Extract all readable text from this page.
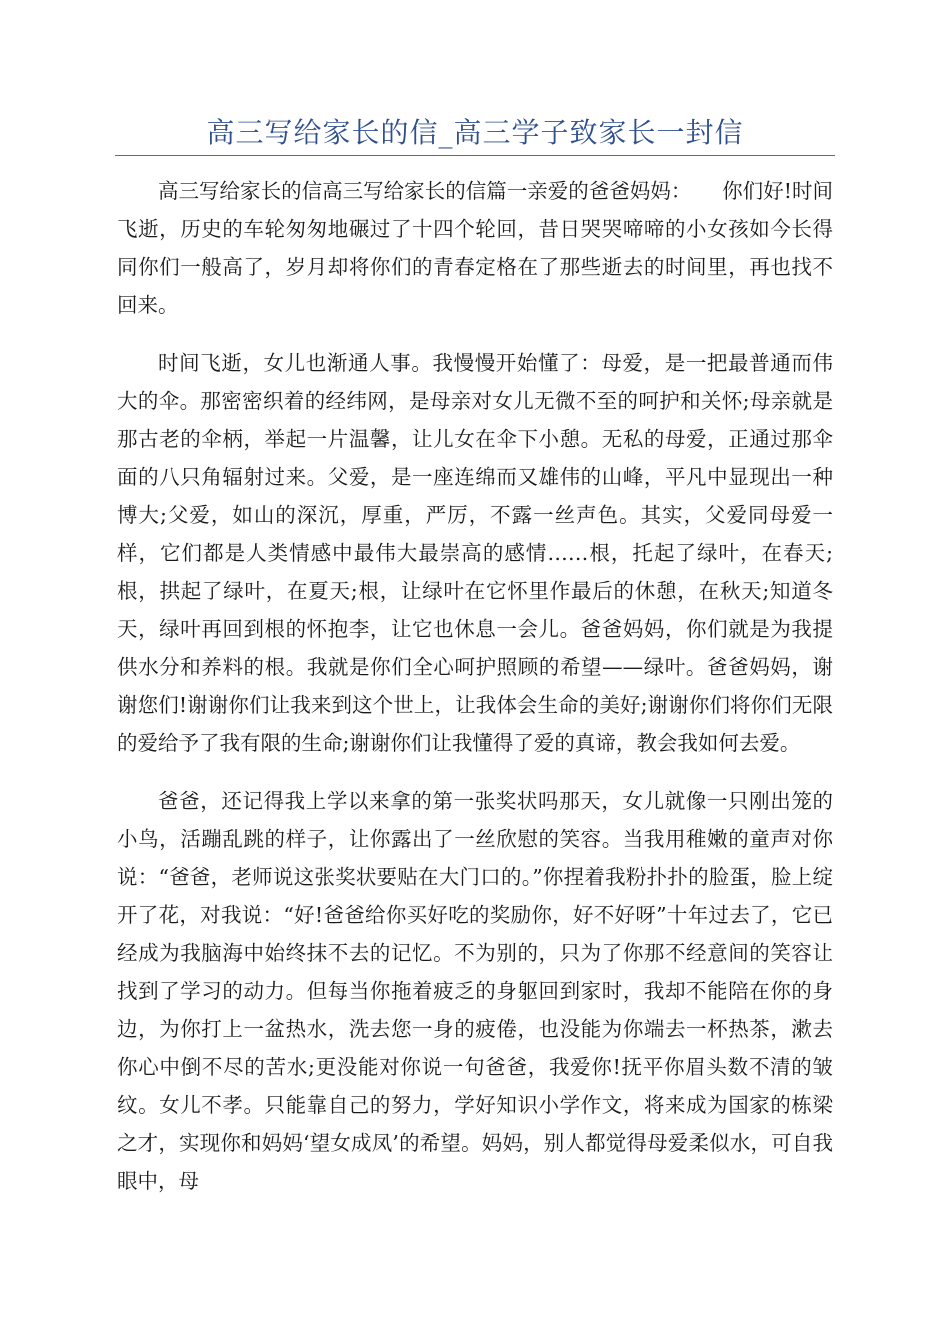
高三写给家长的信_高三学子致家长一封信

高三写给家长的信高三写给家长的信篇一亲爱的爸爸妈妈：　　你们好!时间飞逝，历史的车轮匆匆地碾过了十四个轮回，昔日哭哭啼啼的小女孩如今长得同你们一般高了，岁月却将你们的青春定格在了那些逝去的时间里，再也找不回来。

时间飞逝，女儿也渐通人事。我慢慢开始懂了：母爱，是一把最普通而伟大的伞。那密密织着的经纬网，是母亲对女儿无微不至的呵护和关怀;母亲就是那古老的伞柄，举起一片温馨，让儿女在伞下小憩。无私的母爱，正通过那伞面的八只角辐射过来。父爱，是一座连绵而又雄伟的山峰，平凡中显现出一种博大;父爱，如山的深沉，厚重，严厉，不露一丝声色。其实，父爱同母爱一样，它们都是人类情感中最伟大最崇高的感情……根，托起了绿叶，在春天;根，拱起了绿叶，在夏天;根，让绿叶在它怀里作最后的休憩，在秋天;知道冬天，绿叶再回到根的怀抱李，让它也休息一会儿。爸爸妈妈，你们就是为我提供水分和养料的根。我就是你们全心呵护照顾的希望——绿叶。爸爸妈妈，谢谢您们!谢谢你们让我来到这个世上，让我体会生命的美好;谢谢你们将你们无限的爱给予了我有限的生命;谢谢你们让我懂得了爱的真谛，教会我如何去爱。

爸爸，还记得我上学以来拿的第一张奖状吗那天，女儿就像一只刚出笼的小鸟，活蹦乱跳的样子，让你露出了一丝欣慰的笑容。当我用稚嫩的童声对你说：“爸爸，老师说这张奖状要贴在大门口的。”你捏着我粉扑扑的脸蛋，脸上绽开了花，对我说：“好!爸爸给你买好吃的奖励你，好不好呀”十年过去了，它已经成为我脑海中始终抹不去的记忆。不为别的，只为了你那不经意间的笑容让找到了学习的动力。但每当你拖着疲乏的身躯回到家时，我却不能陪在你的身边，为你打上一盆热水，洗去您一身的疲倦，也没能为你端去一杯热茶，漱去你心中倒不尽的苦水;更没能对你说一句爸爸，我爱你!抚平你眉头数不清的皱纹。女儿不孝。只能靠自己的努力，学好知识小学作文，将来成为国家的栋梁之才，实现你和妈妈‘望女成凤’的希望。妈妈，别人都觉得母爱柔似水，可自我眼中，母
